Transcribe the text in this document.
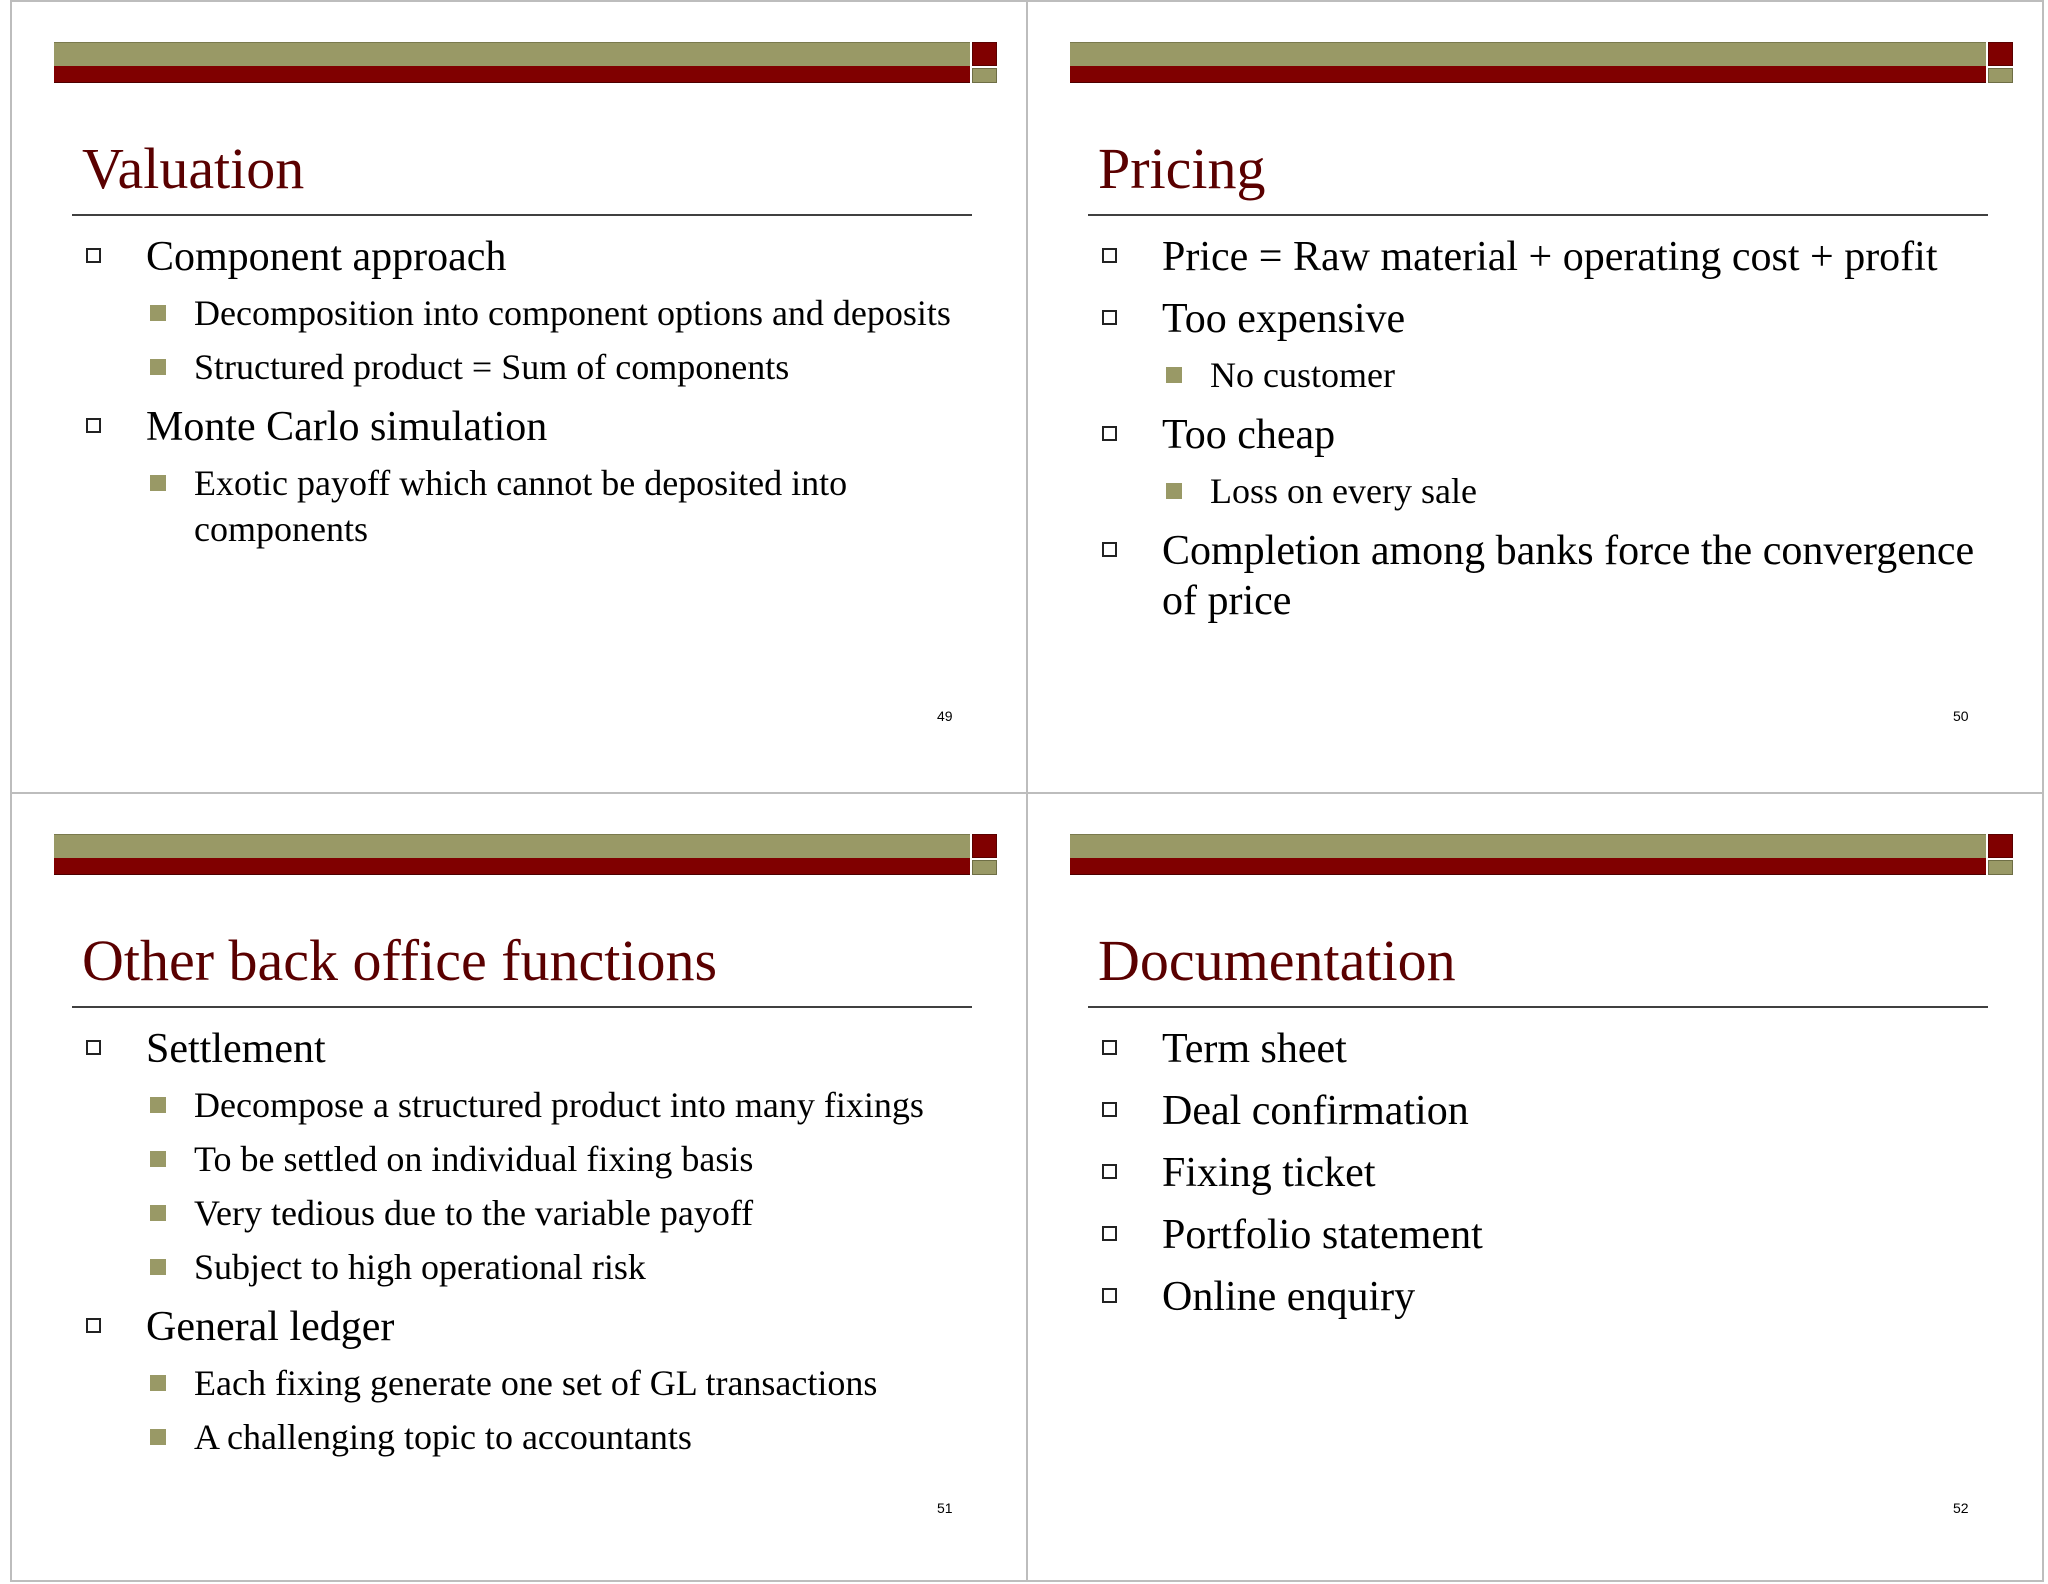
Valuation
Component approach
Decomposition into component options and deposits
Structured product = Sum of components
Monte Carlo simulation
Exotic payoff which cannot be deposited into components
49
Pricing
Price = Raw material + operating cost + profit
Too expensive
No customer
Too cheap
Loss on every sale
Completion among banks force the convergence of price
50
Other back office functions
Settlement
Decompose a structured product into many fixings
To be settled on individual fixing basis
Very tedious due to the variable payoff
Subject to high operational risk
General ledger
Each fixing generate one set of GL transactions
A challenging topic to accountants
51
Documentation
Term sheet
Deal confirmation
Fixing ticket
Portfolio statement
Online enquiry
52
